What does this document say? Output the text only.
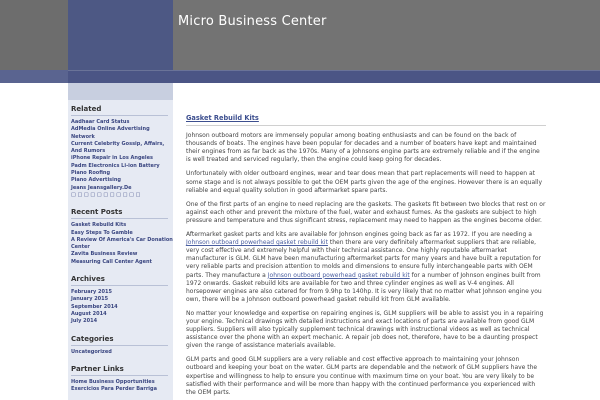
Micro Business Center
Related
Aadhaar Card Status
AdMedia Online Advertising Network
Current Celebrity Gossip, Affairs, And Rumors
iPhone Repair in Los Angeles
Padm Electronics Li-ion Battery
Piano Roofing
Piano Advertising
Jeans Jeansgallery.De
□ □ □ □ □ □ □ □ □ □ □
Recent Posts
Gasket Rebuild Kits
Easy Steps To Gamble
A Review Of America's Car Donation Center
Zavita Business Review
Measuring Call Center Agent
Archives
February 2015
January 2015
September 2014
August 2014
July 2014
Categories
Uncategorized
Partner Links
Home Business Opportunities
Exercicios Para Perder Barriga
Gasket Rebuild Kits

Johnson outboard motors are immensely popular among boating enthusiasts and can be found on the back of thousands of boats. The engines have been popular for decades and a number of boaters have kept and maintained their engines from as far back as the 1970s. Many of a Johnsons engine parts are extremely reliable and if the engine is well treated and serviced regularly, then the engine could keep going for decades.

Unfortunately with older outboard engines, wear and tear does mean that part replacements will need to happen at some stage and is not always possible to get the OEM parts given the age of the engines. However there is an equally reliable and equal quality solution in good aftermarket spare parts.

One of the first parts of an engine to need replacing are the gaskets. The gaskets fit between two blocks that rest on or against each other and prevent the mixture of the fuel, water and exhaust fumes. As the gaskets are subject to high pressure and temperature and thus significant stress, replacement may need to happen as the engines become older.

Aftermarket gasket parts and kits are available for Johnson engines going back as far as 1972. If you are needing a Johnson outboard powerhead gasket rebuild kit then there are very definitely aftermarket suppliers that are reliable, very cost effective and extremely helpful with their technical assistance. One highly reputable aftermarket manufacturer is GLM. GLM have been manufacturing aftermarket parts for many years and have built a reputation for very reliable parts and precision attention to molds and dimensions to ensure fully interchangeable parts with OEM parts. They manufacture a Johnson outboard powerhead gasket rebuild kit for a number of Johnson engines built from 1972 onwards. Gasket rebuild kits are available for two and three cylinder engines as well as V-4 engines. All horsepower engines are also catered for from 9.9hp to 140hp. It is very likely that no matter what Johnson engine you own, there will be a Johnson outboard powerhead gasket rebuild kit from GLM available.

No matter your knowledge and expertise on repairing engines is, GLM suppliers will be able to assist you in a repairing your engine. Technical drawings with detailed instructions and exact locations of parts are available from good GLM suppliers. Suppliers will also typically supplement technical drawings with instructional videos as well as technical assistance over the phone with an expert mechanic. A repair job does not, therefore, have to be a daunting prospect given the range of assistance materials available.

GLM parts and good GLM suppliers are a very reliable and cost effective approach to maintaining your Johnson outboard and keeping your boat on the water. GLM parts are dependable and the network of GLM suppliers have the expertise and willingness to help to ensure you continue with maximum time on your boat. You are very likely to be satisfied with their performance and will be more than happy with the continued performance you experienced with the OEM parts.
